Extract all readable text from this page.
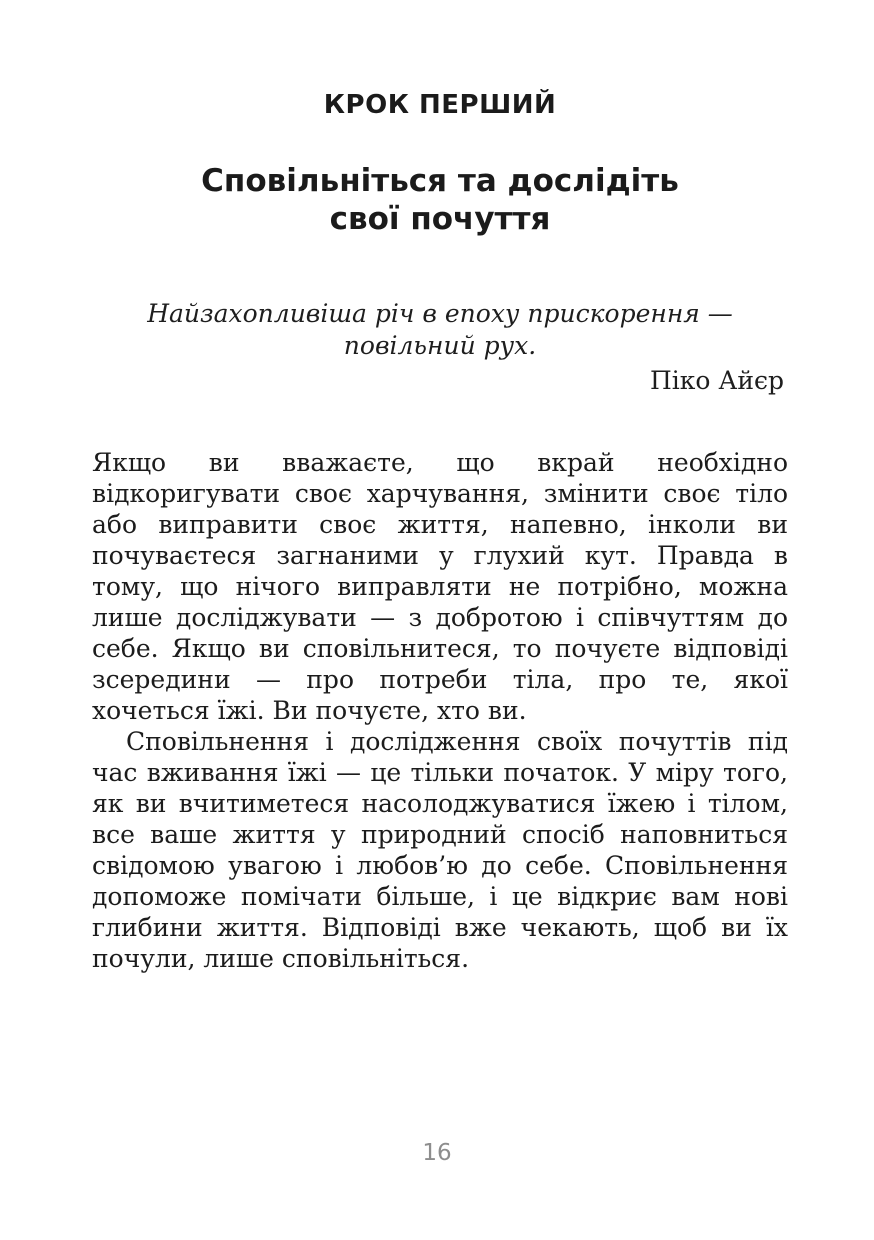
КРОК ПЕРШИЙ
Сповільніться та дослідіть
свої почуття
Найзахопливіша річ в епоху прискорення — повільний рух.
Піко Айєр

Якщо ви вважаєте, що вкрай необхідно відкоригувати своє харчування, змінити своє тіло або виправити своє життя, напевно, інколи ви почуваєтеся загнаними у глухий кут. Правда в тому, що нічого виправляти не потрібно, можна лише досліджувати — з добротою і співчуттям до себе. Якщо ви сповільнитеся, то почуєте відповіді зсередини — про потреби тіла, про те, якої хочеться їжі. Ви почуєте, хто ви.

Сповільнення і дослідження своїх почуттів під час вживання їжі — це тільки початок. У міру того, як ви вчитиметеся насолоджуватися їжею і тілом, все ваше життя у природний спосіб наповниться свідомою увагою і любов’ю до себе. Сповільнення допоможе помічати більше, і це відкриє вам нові глибини життя. Відповіді вже чекають, щоб ви їх почули, лише сповільніться.

16
